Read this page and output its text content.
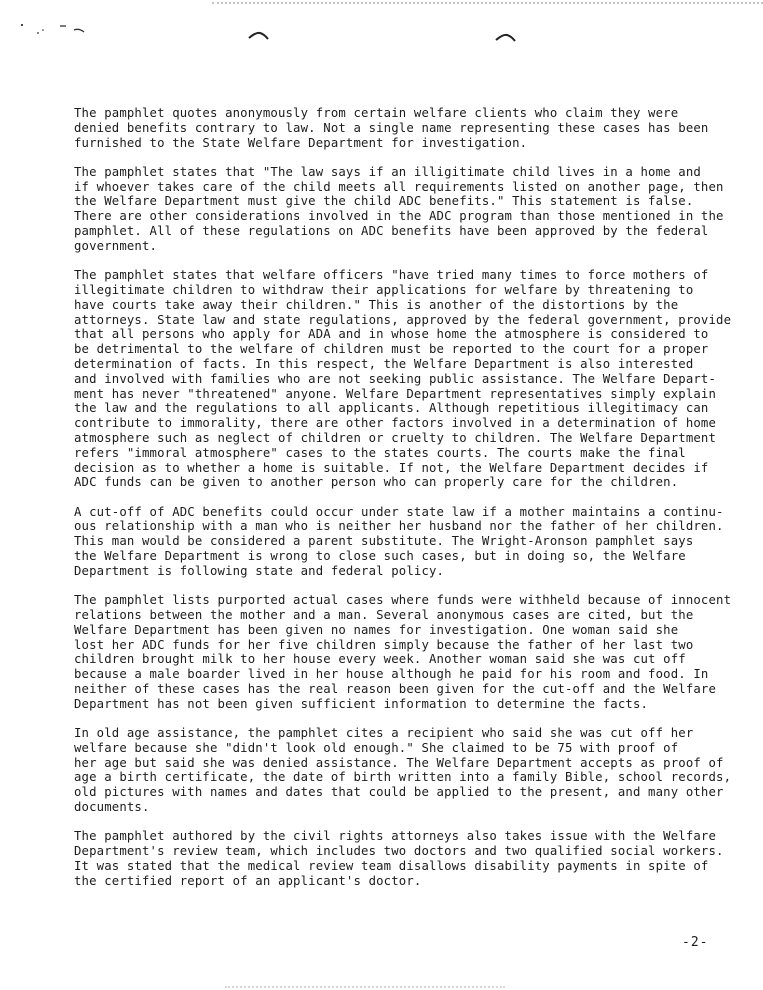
The pamphlet quotes anonymously from certain welfare clients who claim they were
denied benefits contrary to law. Not a single name representing these cases has been
furnished to the State Welfare Department for investigation.

The pamphlet states that "The law says if an illigitimate child lives in a home and
if whoever takes care of the child meets all requirements listed on another page, then
the Welfare Department must give the child ADC benefits." This statement is false.
There are other considerations involved in the ADC program than those mentioned in the
pamphlet. All of these regulations on ADC benefits have been approved by the federal
government.

The pamphlet states that welfare officers "have tried many times to force mothers of
illegitimate children to withdraw their applications for welfare by threatening to
have courts take away their children." This is another of the distortions by the
attorneys. State law and state regulations, approved by the federal government, provide
that all persons who apply for ADA and in whose home the atmosphere is considered to
be detrimental to the welfare of children must be reported to the court for a proper
determination of facts. In this respect, the Welfare Department is also interested
and involved with families who are not seeking public assistance. The Welfare Depart-
ment has never "threatened" anyone. Welfare Department representatives simply explain
the law and the regulations to all applicants. Although repetitious illegitimacy can
contribute to immorality, there are other factors involved in a determination of home
atmosphere such as neglect of children or cruelty to children. The Welfare Department
refers "immoral atmosphere" cases to the states courts. The courts make the final
decision as to whether a home is suitable. If not, the Welfare Department decides if
ADC funds can be given to another person who can properly care for the children.

A cut-off of ADC benefits could occur under state law if a mother maintains a continu-
ous relationship with a man who is neither her husband nor the father of her children.
This man would be considered a parent substitute. The Wright-Aronson pamphlet says
the Welfare Department is wrong to close such cases, but in doing so, the Welfare
Department is following state and federal policy.

The pamphlet lists purported actual cases where funds were withheld because of innocent
relations between the mother and a man. Several anonymous cases are cited, but the
Welfare Department has been given no names for investigation. One woman said she
lost her ADC funds for her five children simply because the father of her last two
children brought milk to her house every week. Another woman said she was cut off
because a male boarder lived in her house although he paid for his room and food. In
neither of these cases has the real reason been given for the cut-off and the Welfare
Department has not been given sufficient information to determine the facts.

In old age assistance, the pamphlet cites a recipient who said she was cut off her
welfare because she "didn't look old enough." She claimed to be 75 with proof of
her age but said she was denied assistance. The Welfare Department accepts as proof of
age a birth certificate, the date of birth written into a family Bible, school records,
old pictures with names and dates that could be applied to the present, and many other
documents.

The pamphlet authored by the civil rights attorneys also takes issue with the Welfare
Department's review team, which includes two doctors and two qualified social workers.
It was stated that the medical review team disallows disability payments in spite of
the certified report of an applicant's doctor.

-2-
